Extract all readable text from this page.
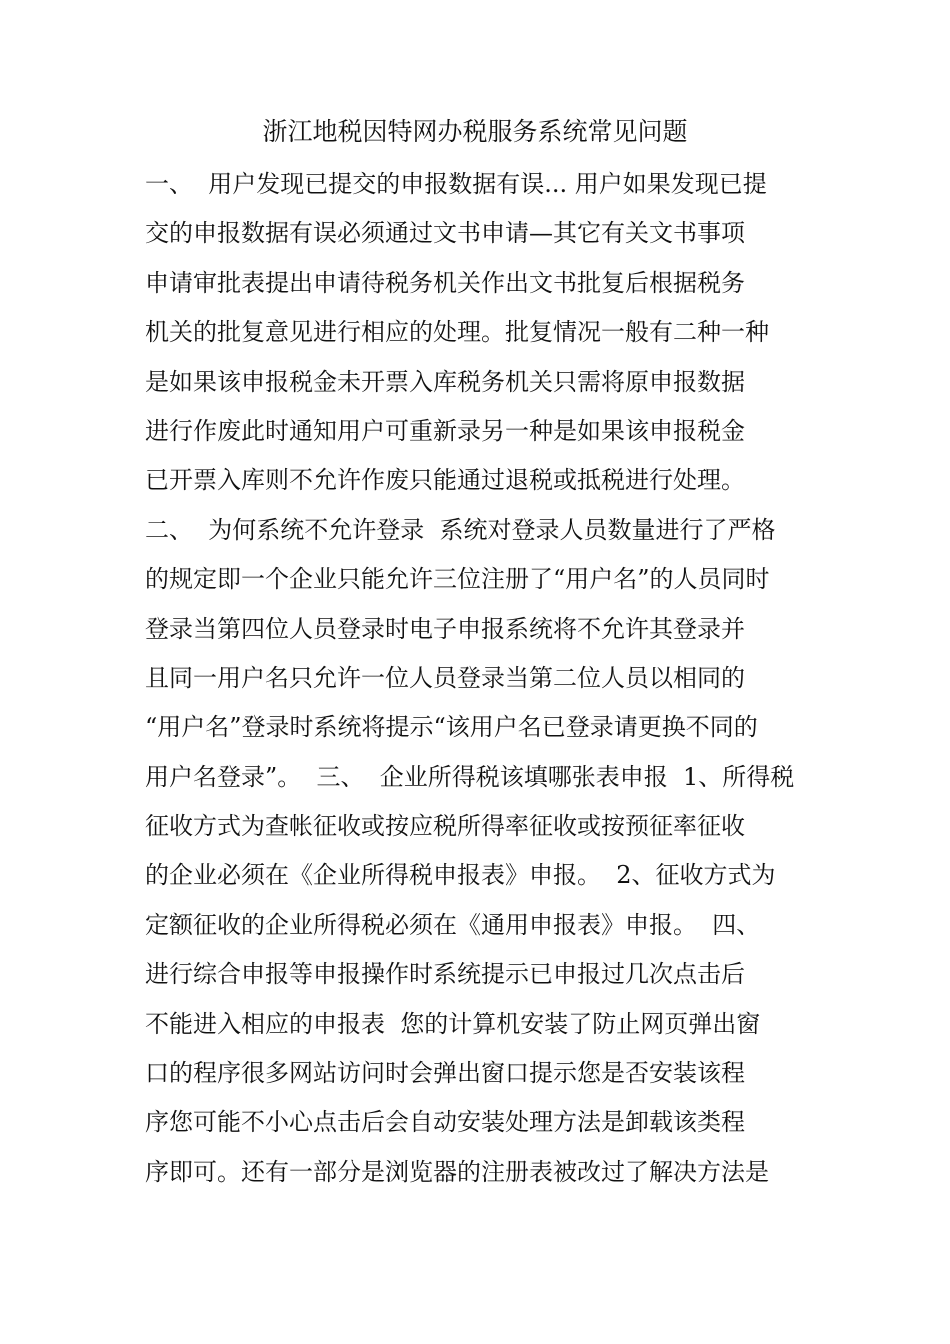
浙江地税因特网办税服务系统常见问题
一、  用户发现已提交的申报数据有误... 用户如果发现已提
交的申报数据有误必须通过文书申请—其它有关文书事项
申请审批表提出申请待税务机关作出文书批复后根据税务
机关的批复意见进行相应的处理。批复情况一般有二种一种
是如果该申报税金未开票入库税务机关只需将原申报数据
进行作废此时通知用户可重新录另一种是如果该申报税金
已开票入库则不允许作废只能通过退税或抵税进行处理。
二、  为何系统不允许登录  系统对登录人员数量进行了严格
的规定即一个企业只能允许三位注册了“用户名”的人员同时
登录当第四位人员登录时电子申报系统将不允许其登录并
且同一用户名只允许一位人员登录当第二位人员以相同的
“用户名”登录时系统将提示“该用户名已登录请更换不同的
用户名登录”。  三、  企业所得税该填哪张表申报  1、所得税
征收方式为查帐征收或按应税所得率征收或按预征率征收
的企业必须在《企业所得税申报表》申报。  2、征收方式为
定额征收的企业所得税必须在《通用申报表》申报。  四、
进行综合申报等申报操作时系统提示已申报过几次点击后
不能进入相应的申报表  您的计算机安装了防止网页弹出窗
口的程序很多网站访问时会弹出窗口提示您是否安装该程
序您可能不小心点击后会自动安装处理方法是卸载该类程
序即可。还有一部分是浏览器的注册表被改过了解决方法是
